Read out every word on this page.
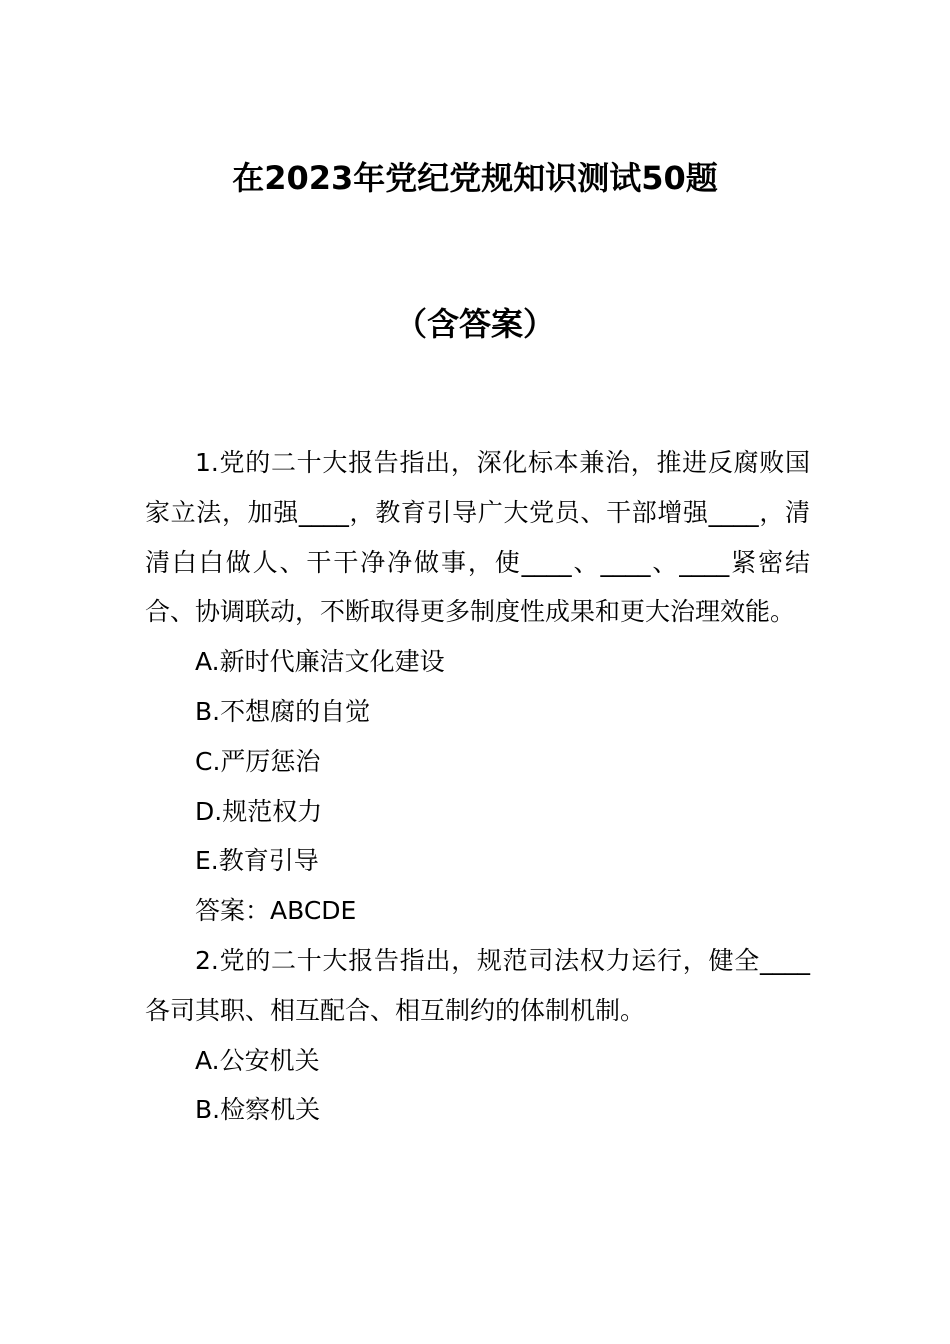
在2023年党纪党规知识测试50题
（含答案）

1.党的二十大报告指出，深化标本兼治，推进反腐败国家立法，加强____，教育引导广大党员、干部增强____，清清白白做人、干干净净做事，使____、____、____紧密结合、协调联动，不断取得更多制度性成果和更大治理效能。

A.新时代廉洁文化建设

B.不想腐的自觉

C.严厉惩治

D.规范权力

E.教育引导

答案：ABCDE

2.党的二十大报告指出，规范司法权力运行，健全____各司其职、相互配合、相互制约的体制机制。

A.公安机关

B.检察机关
